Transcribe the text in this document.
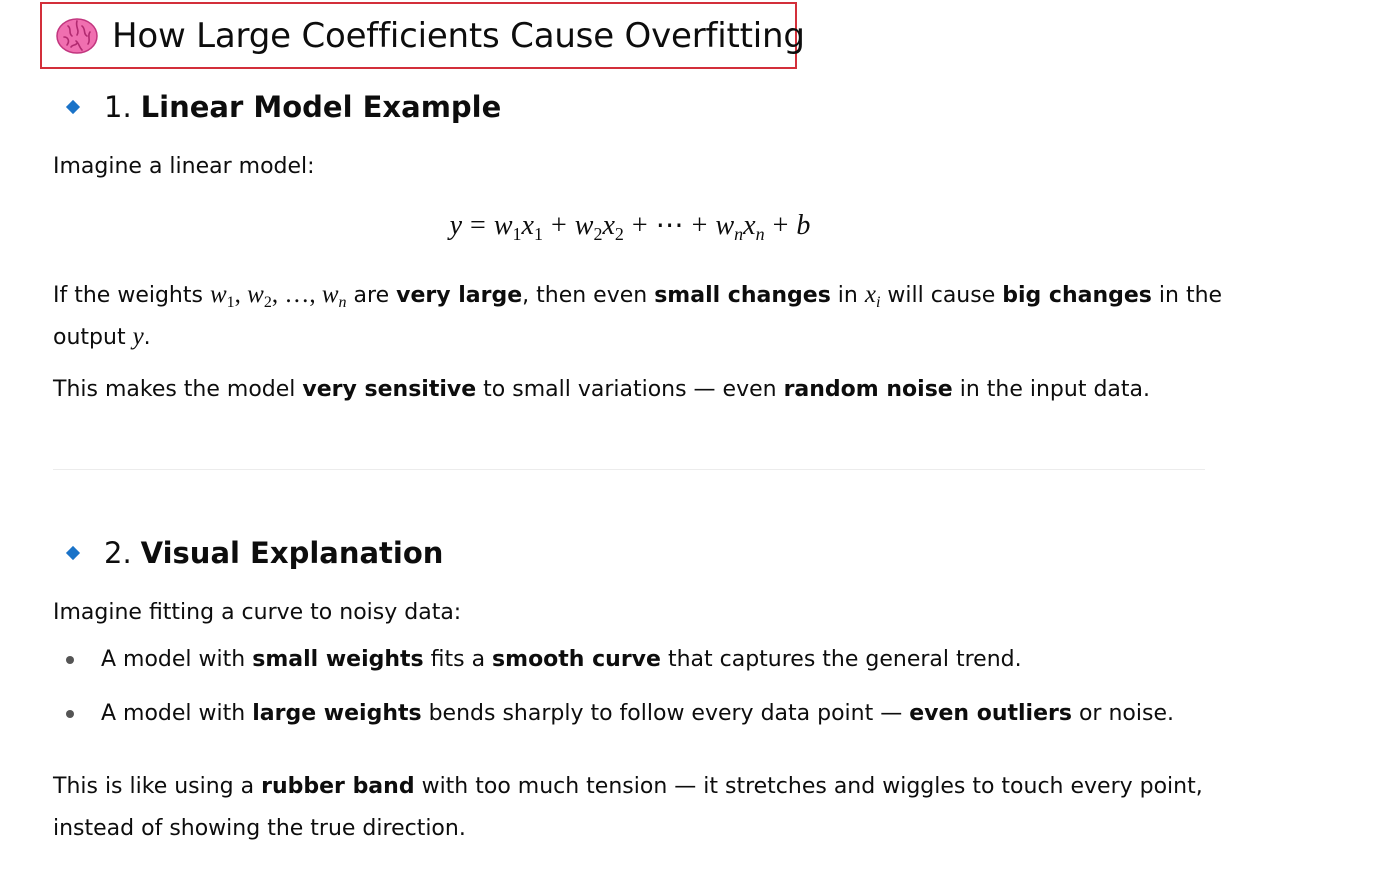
How Large Coefficients Cause Overfitting
1. Linear Model Example
Imagine a linear model:
$y = w_1x_1 + w_2x_2$ + ⋯ + $w_nx_n + b$
If the weights $w_1$, $w_2$, …, $w_n$ are very large, then even small changes in $x_i$ will cause big changes in the
output y.
This makes the model very sensitive to small variations — even random noise in the input data.
2. Visual Explanation
Imagine fitting a curve to noisy data:
A model with small weights fits a smooth curve that captures the general trend.
A model with large weights bends sharply to follow every data point — even outliers or noise.
This is like using a rubber band with too much tension — it stretches and wiggles to touch every point,
instead of showing the true direction.
